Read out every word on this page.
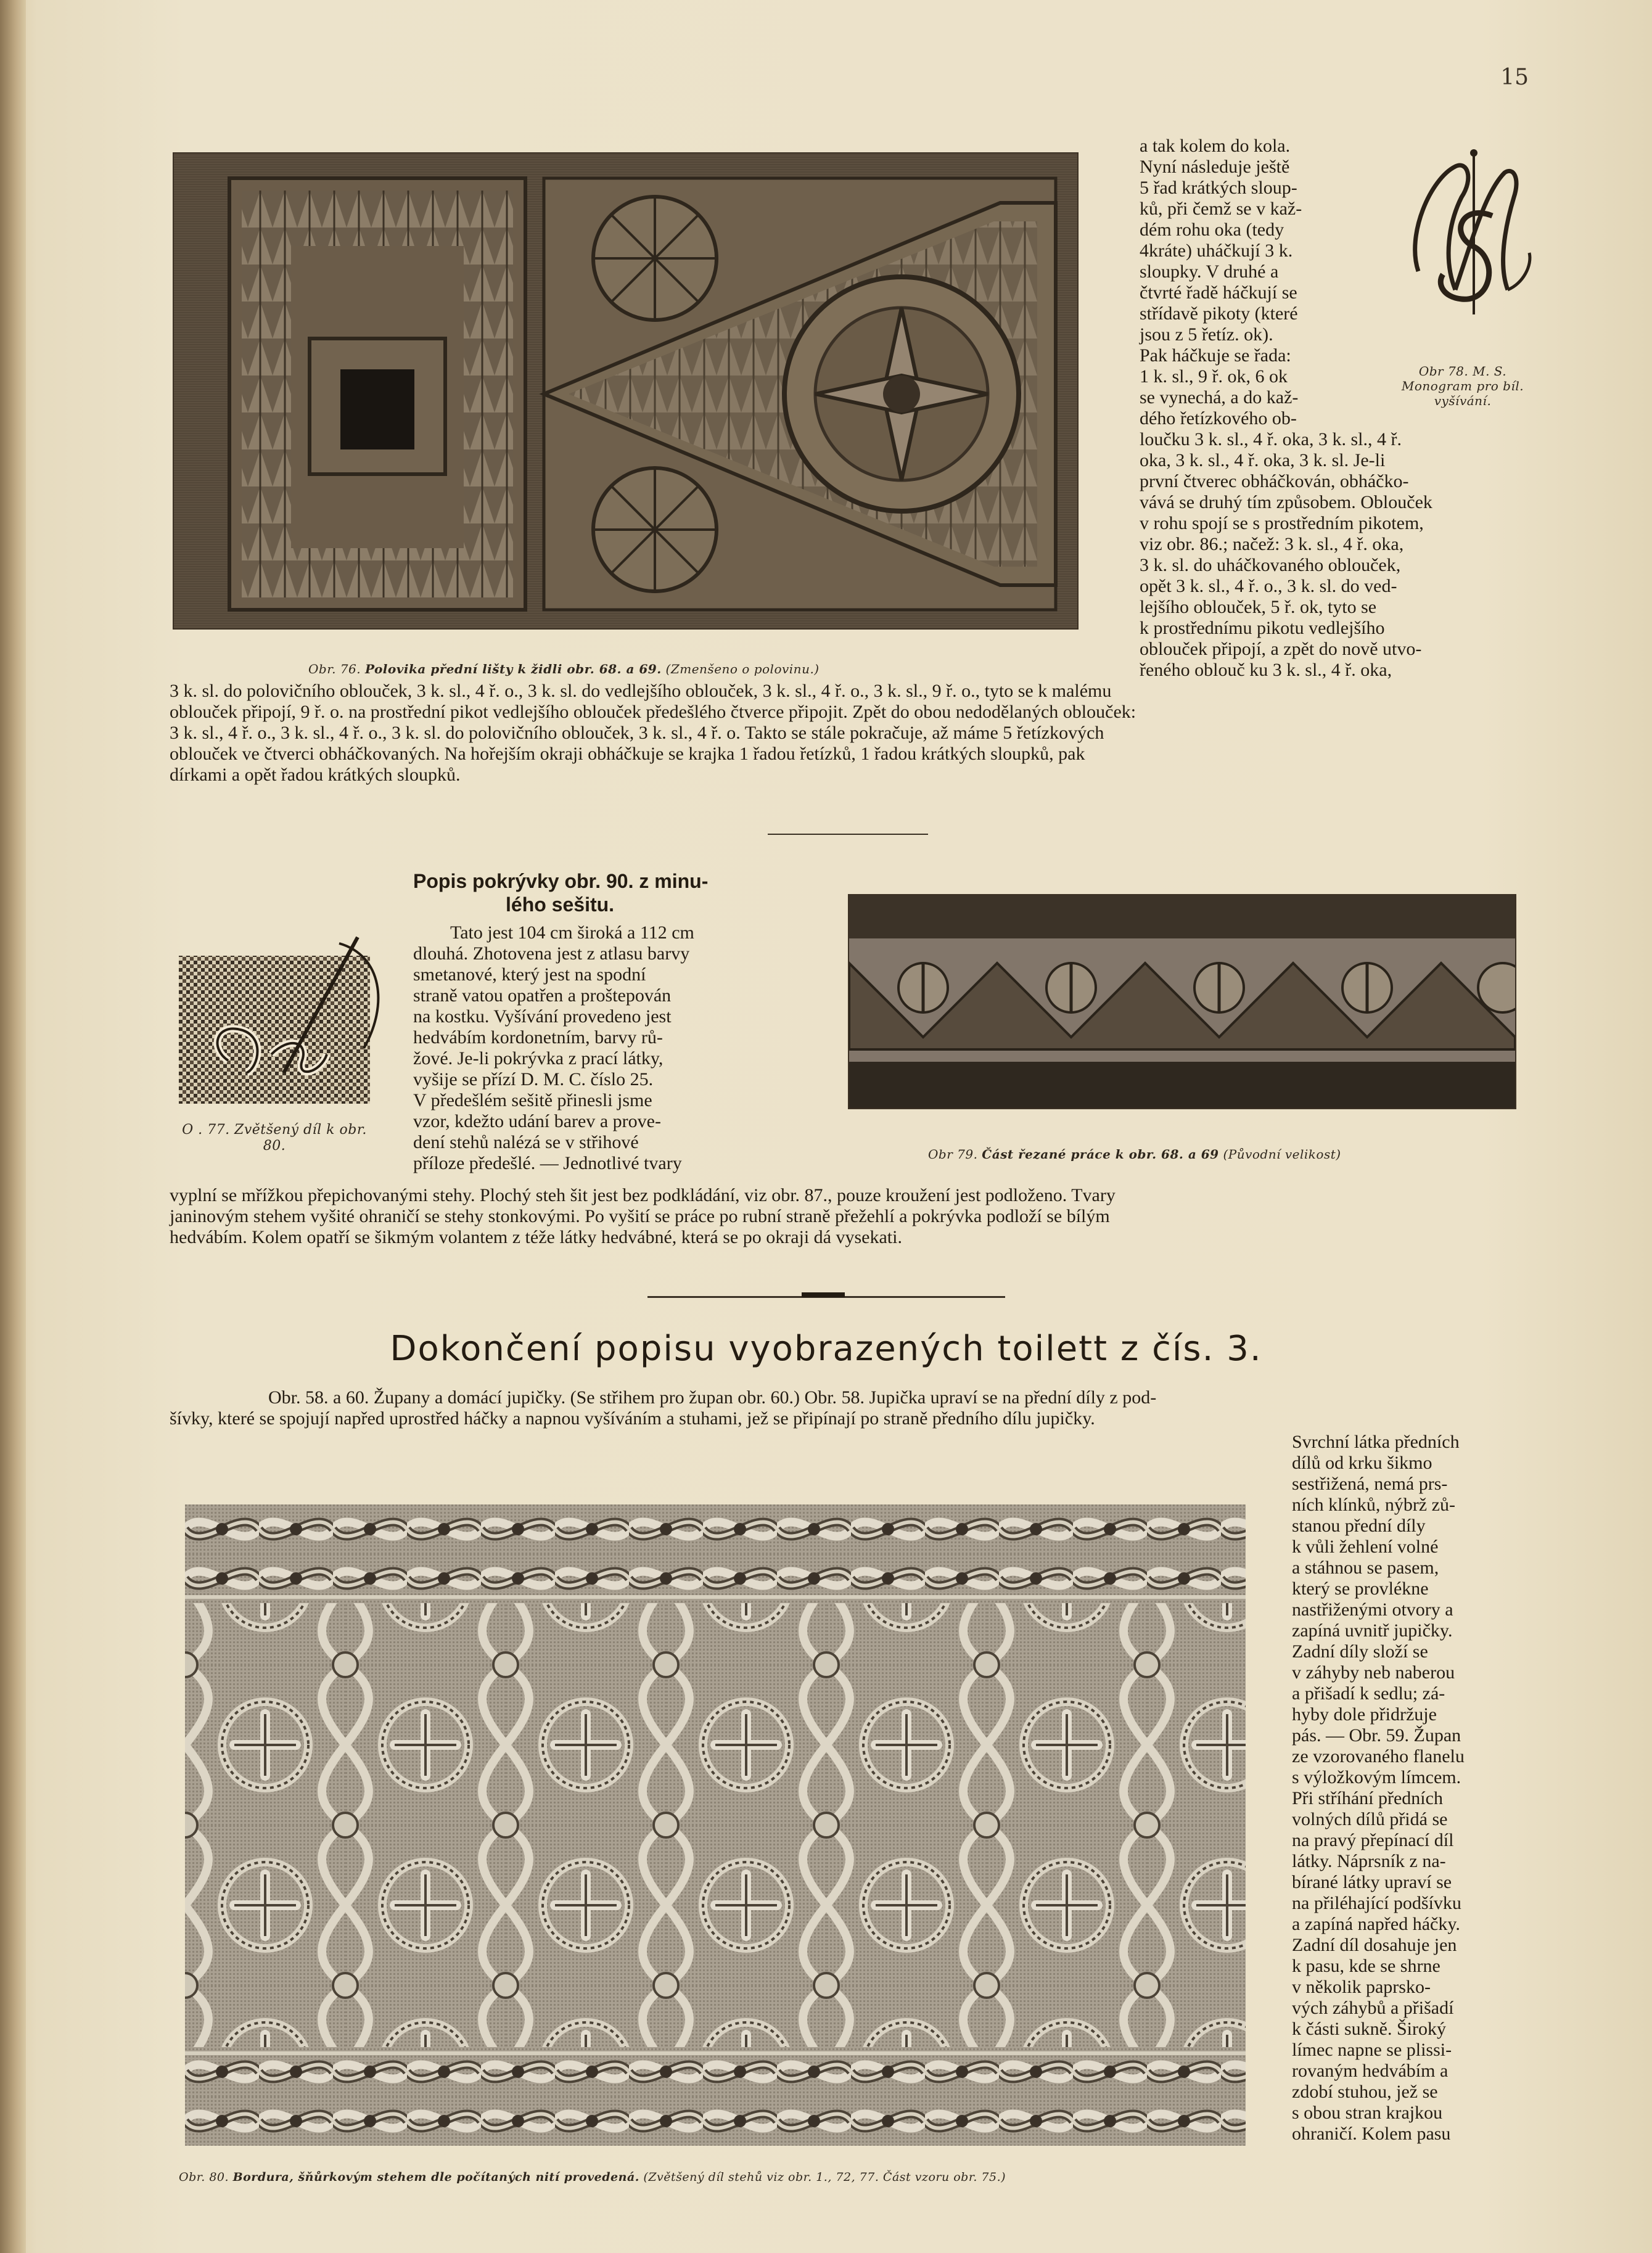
15
Obr. 76. Polovika přední lišty k židli obr. 68. a 69. (Zmenšeno o polovinu.)
Obr 78. M. S. Monogram pro bíl. vyšívání.

a tak kolem do kola.

Nyní následuje ještě

5 řad krátkých sloup-

ků, při čemž se v kaž-

dém rohu oka (tedy

4kráte) uháčkují 3 k.

sloupky. V druhé a

čtvrté řadě háčkují se

střídavě pikoty (které

jsou z 5 řetíz. ok).

Pak háčkuje se řada:

1 k. sl., 9 ř. ok, 6 ok

se vynechá, a do kaž-

dého řetízkového ob-

loučku 3 k. sl., 4 ř. oka, 3 k. sl., 4 ř.

oka, 3 k. sl., 4 ř. oka, 3 k. sl. Je-li

první čtverec obháčkován, obháčko-

vává se druhý tím způsobem. Oblouček

v rohu spojí se s prostředním pikotem,

viz obr. 86.; načež: 3 k. sl., 4 ř. oka,

3 k. sl. do uháčkovaného oblouček,

opět 3 k. sl., 4 ř. o., 3 k. sl. do ved-

lejšího oblouček, 5 ř. ok, tyto se

k prostřednímu pikotu vedlejšího

oblouček připojí, a zpět do nově utvo-

řeného oblouč ku 3 k. sl., 4 ř. oka,

3 k. sl. do polovičního oblouček, 3 k. sl., 4 ř. o., 3 k. sl. do vedlejšího oblouček, 3 k. sl., 4 ř. o., 3 k. sl., 9 ř. o., tyto se k malému

oblouček připojí, 9 ř. o. na prostřední pikot vedlejšího oblouček předešlého čtverce připojit. Zpět do obou nedodělaných oblouček:

3 k. sl., 4 ř. o., 3 k. sl., 4 ř. o., 3 k. sl. do polovičního oblouček, 3 k. sl., 4 ř. o. Takto se stále pokračuje, až máme 5 řetízkových

oblouček ve čtverci obháčkovaných. Na hořejším okraji obháčkuje se krajka 1 řadou řetízků, 1 řadou krátkých sloupků, pak

dírkami a opět řadou krátkých sloupků.

Popis pokrývky obr. 90. z minu-

lého sešitu.

Tato jest 104 cm široká a 112 cm

dlouhá. Zhotovena jest z atlasu barvy

smetanové, který jest na spodní

straně vatou opatřen a proštepován

na kostku. Vyšívání provedeno jest

hedvábím kordonetním, barvy rů-

žové. Je-li pokrývka z prací látky,

vyšije se přízí D. M. C. číslo 25.

V předešlém sešitě přinesli jsme

vzor, kdežto udání barev a prove-

dení stehů nalézá se v střihové

příloze předešlé. — Jednotlivé tvary

O . 77. Zvětšený díl k obr. 80.
Obr 79. Část řezané práce k obr. 68. a 69 (Původní velikost)

vyplní se mřížkou přepichovanými stehy. Plochý steh šit jest bez podkládání, viz obr. 87., pouze kroužení jest podloženo. Tvary

janinovým stehem vyšité ohraničí se stehy stonkovými. Po vyšití se práce po rubní straně přežehlí a pokrývka podloží se bílým

hedvábím. Kolem opatří se šikmým volantem z téže látky hedvábné, která se po okraji dá vysekati.

Dokončení popisu vyobrazených toilett z čís. 3.

Obr. 58. a 60. Župany a domácí jupičky. (Se střihem pro župan obr. 60.) Obr. 58. Jupička upraví se na přední díly z pod-

šívky, které se spojují napřed uprostřed háčky a napnou vyšíváním a stuhami, jež se připínají po straně předního dílu jupičky.

Obr. 80. Bordura, šňůrkovým stehem dle počítaných nití provedená. (Zvětšený díl stehů viz obr. 1., 72, 77. Část vzoru obr. 75.)

Svrchní látka předních

dílů od krku šikmo

sestřižená, nemá prs-

ních klínků, nýbrž zů-

stanou přední díly

k vůli žehlení volné

a stáhnou se pasem,

který se provlékne

nastřiženými otvory a

zapíná uvnitř jupičky.

Zadní díly složí se

v záhyby neb naberou

a přišadí k sedlu; zá-

hyby dole přidržuje

pás. — Obr. 59. Župan

ze vzorovaného flanelu

s výložkovým límcem.

Při stříhání předních

volných dílů přidá se

na pravý přepínací díl

látky. Náprsník z na-

bírané látky upraví se

na přiléhající podšívku

a zapíná napřed háčky.

Zadní díl dosahuje jen

k pasu, kde se shrne

v několik paprsko-

vých záhybů a přišadí

k části sukně. Široký

límec napne se plissi-

rovaným hedvábím a

zdobí stuhou, jež se

s obou stran krajkou

ohraničí. Kolem pasu
